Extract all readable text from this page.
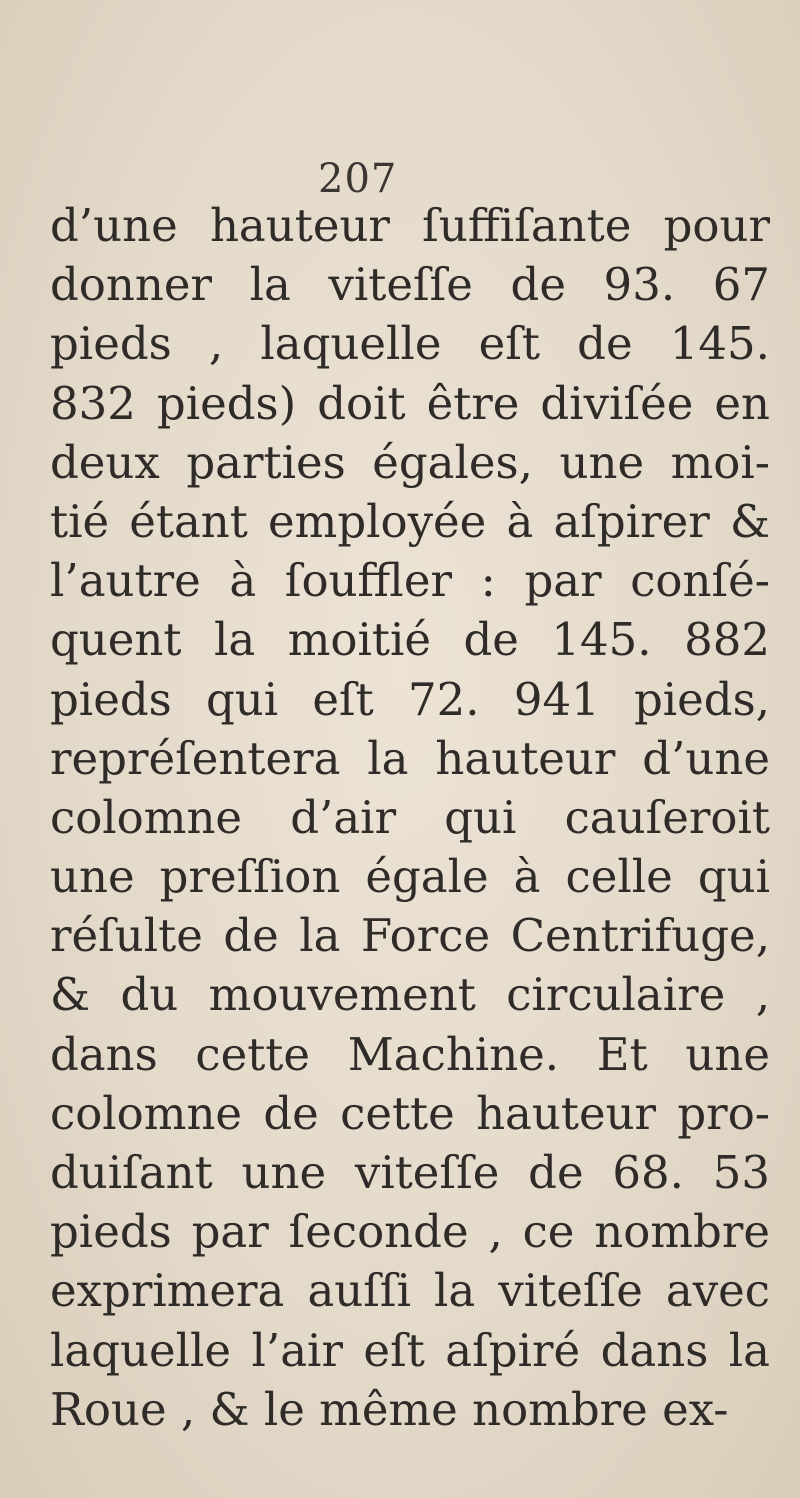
207
d’une hauteur ſuffiſante pour
donner la viteſſe de 93. 67
pieds , laquelle eſt de 145.
832 pieds) doit être diviſée en
deux parties égales, une moi-
tié étant employée à aſpirer &
l’autre à ſouffler : par conſé-
quent la moitié de 145. 882
pieds qui eſt 72. 941 pieds,
repréſentera la hauteur d’une
colomne d’air qui cauſeroit
une preſſion égale à celle qui
réſulte de la Force Centrifuge,
& du mouvement circulaire ,
dans cette Machine. Et une
colomne de cette hauteur pro-
duiſant une viteſſe de 68. 53
pieds par ſeconde , ce nombre
exprimera auſſi la viteſſe avec
laquelle l’air eſt aſpiré dans la
Roue , & le même nombre ex-
